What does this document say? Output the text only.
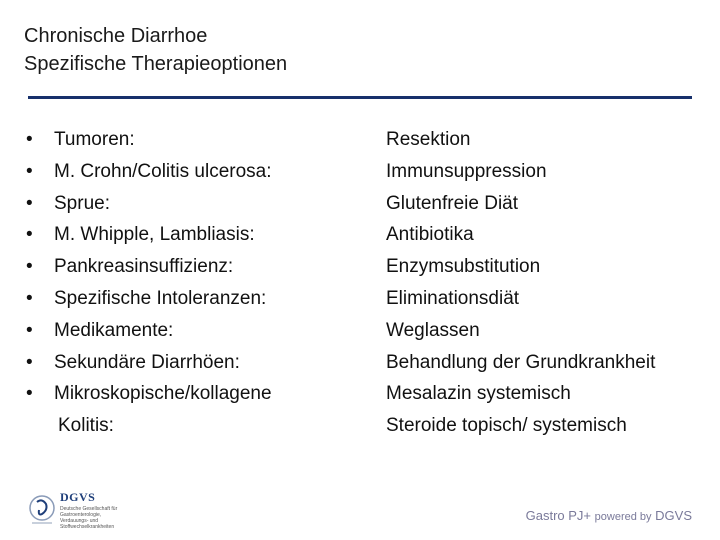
Chronische Diarrhoe
Spezifische Therapieoptionen
• Tumoren:
• M. Crohn/Colitis ulcerosa:
• Sprue:
• M. Whipple, Lambliasis:
• Pankreasinsuffizienz:
• Spezifische Intoleranzen:
• Medikamente:
• Sekundäre Diarrhöen:
• Mikroskopische/kollagene
Kolitis:
Resektion
Immunsuppression
Glutenfreie Diät
Antibiotika
Enzymsubstitution
Eliminationsdiät
Weglassen
Behandlung der Grundkrankheit
Mesalazin systemisch
Steroide topisch/ systemisch
DGVS
Deutsche Gesellschaft für Gastroenterologie, Verdauungs- und Stoffwechselkrankheiten
Gastro PJ+ powered by DGVS
